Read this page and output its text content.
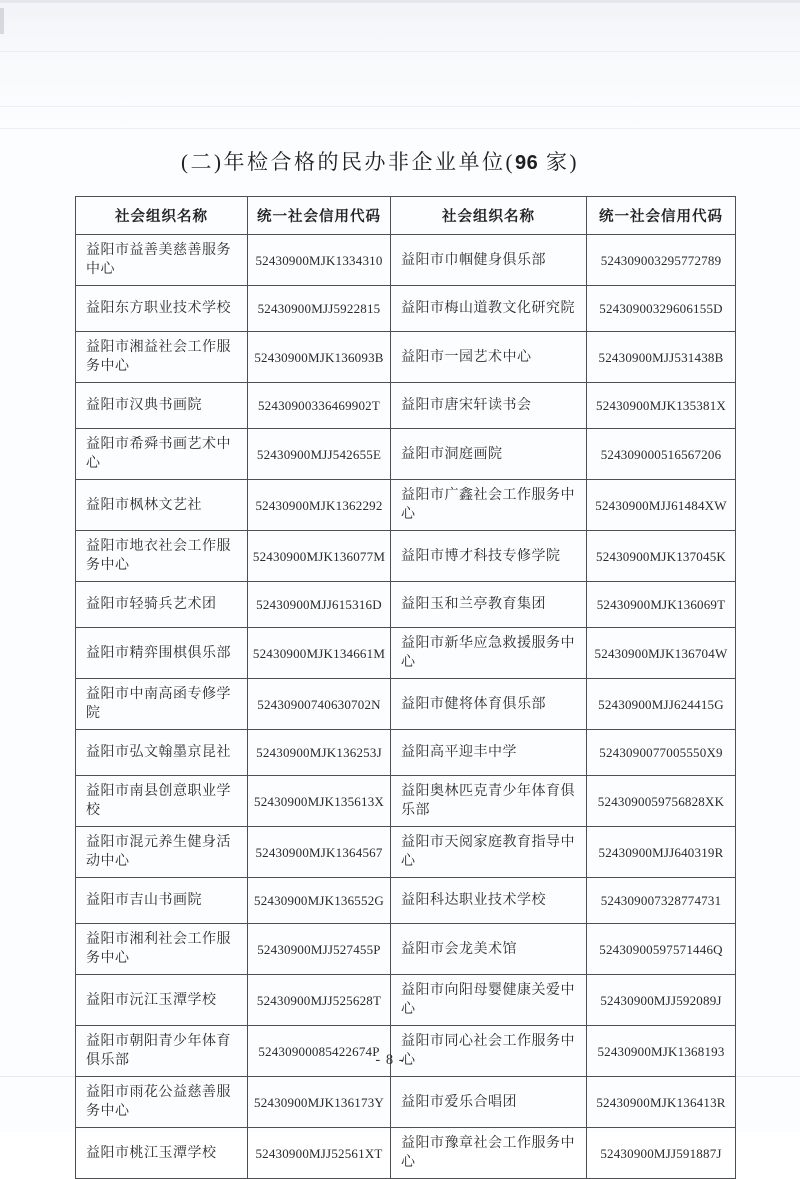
(二)年检合格的民办非企业单位(96 家)
社会组织名称	统一社会信用代码	社会组织名称	统一社会信用代码
益阳市益善美慈善服务中心	52430900MJK1334310	益阳市巾帼健身俱乐部	524309003295772789
益阳东方职业技术学校	52430900MJJ5922815	益阳市梅山道教文化研究院	52430900329606155D
益阳市湘益社会工作服务中心	52430900MJK136093B	益阳市一园艺术中心	52430900MJJ531438B
益阳市汉典书画院	52430900336469902T	益阳市唐宋轩读书会	52430900MJK135381X
益阳市希舜书画艺术中心	52430900MJJ542655E	益阳市洞庭画院	524309000516567206
益阳市枫林文艺社	52430900MJK1362292	益阳市广鑫社会工作服务中心	52430900MJJ61484XW
益阳市地衣社会工作服务中心	52430900MJK136077M	益阳市博才科技专修学院	52430900MJK137045K
益阳市轻骑兵艺术团	52430900MJJ615316D	益阳玉和兰亭教育集团	52430900MJK136069T
益阳市精弈围棋俱乐部	52430900MJK134661M	益阳市新华应急救援服务中心	52430900MJK136704W
益阳市中南高函专修学院	52430900740630702N	益阳市健将体育俱乐部	52430900MJJ624415G
益阳市弘文翰墨京昆社	52430900MJK136253J	益阳高平迎丰中学	5243090077005550X9
益阳市南县创意职业学校	52430900MJK135613X	益阳奥林匹克青少年体育俱乐部	5243090059756828XK
益阳市混元养生健身活动中心	52430900MJK1364567	益阳市天阅家庭教育指导中心	52430900MJJ640319R
益阳市吉山书画院	52430900MJK136552G	益阳科达职业技术学校	524309007328774731
益阳市湘利社会工作服务中心	52430900MJJ527455P	益阳市会龙美术馆	52430900597571446Q
益阳市沅江玉潭学校	52430900MJJ525628T	益阳市向阳母婴健康关爱中心	52430900MJJ592089J
益阳市朝阳青少年体育俱乐部	52430900085422674P	益阳市同心社会工作服务中心	52430900MJK1368193
益阳市雨花公益慈善服务中心	52430900MJK136173Y	益阳市爱乐合唱团	52430900MJK136413R
益阳市桃江玉潭学校	52430900MJJ52561XT	益阳市豫章社会工作服务中心	52430900MJJ591887J
- 8 -
